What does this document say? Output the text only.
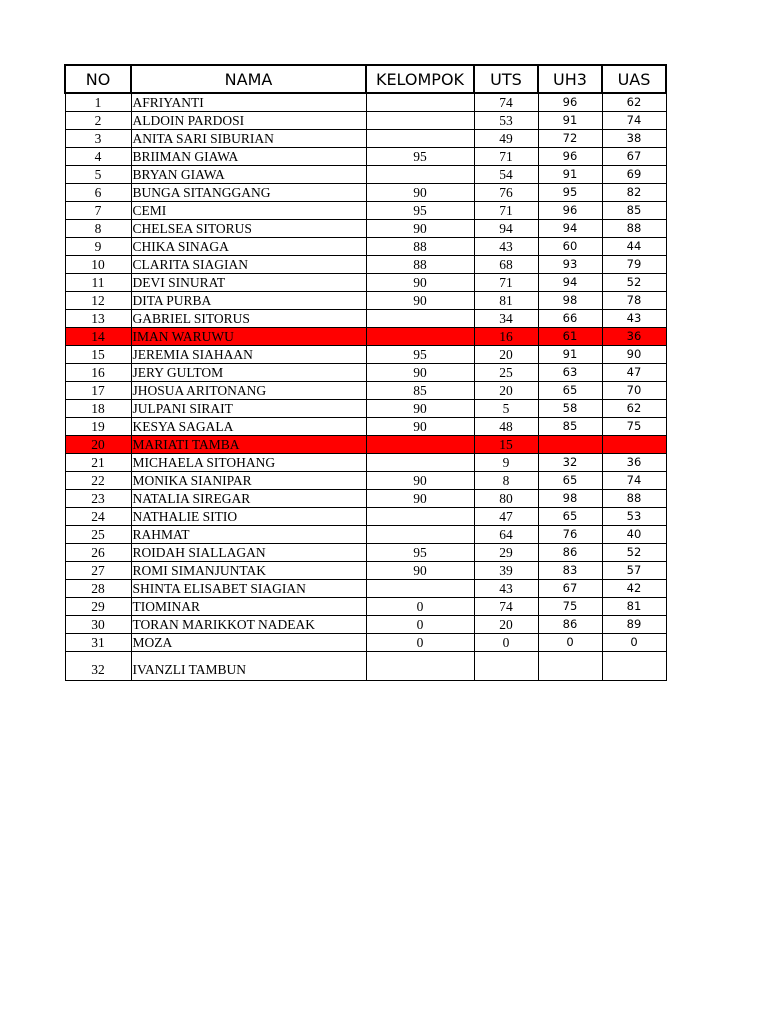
NO	NAMA	KELOMPOK	UTS	UH3	UAS
1	AFRIYANTI		74	96	62
2	ALDOIN PARDOSI		53	91	74
3	ANITA SARI SIBURIAN		49	72	38
4	BRIIMAN GIAWA	95	71	96	67
5	BRYAN GIAWA		54	91	69
6	BUNGA SITANGGANG	90	76	95	82
7	CEMI	95	71	96	85
8	CHELSEA SITORUS	90	94	94	88
9	CHIKA SINAGA	88	43	60	44
10	CLARITA SIAGIAN	88	68	93	79
11	DEVI SINURAT	90	71	94	52
12	DITA PURBA	90	81	98	78
13	GABRIEL SITORUS		34	66	43
14	IMAN WARUWU		16	61	36
15	JEREMIA SIAHAAN	95	20	91	90
16	JERY GULTOM	90	25	63	47
17	JHOSUA ARITONANG	85	20	65	70
18	JULPANI SIRAIT	90	5	58	62
19	KESYA SAGALA	90	48	85	75
20	MARIATI TAMBA		15		
21	MICHAELA SITOHANG		9	32	36
22	MONIKA SIANIPAR	90	8	65	74
23	NATALIA SIREGAR	90	80	98	88
24	NATHALIE SITIO		47	65	53
25	RAHMAT		64	76	40
26	ROIDAH SIALLAGAN	95	29	86	52
27	ROMI SIMANJUNTAK	90	39	83	57
28	SHINTA ELISABET SIAGIAN		43	67	42
29	TIOMINAR	0	74	75	81
30	TORAN MARIKKOT NADEAK	0	20	86	89
31	MOZA	0	0	0	0
32	IVANZLI TAMBUN				
